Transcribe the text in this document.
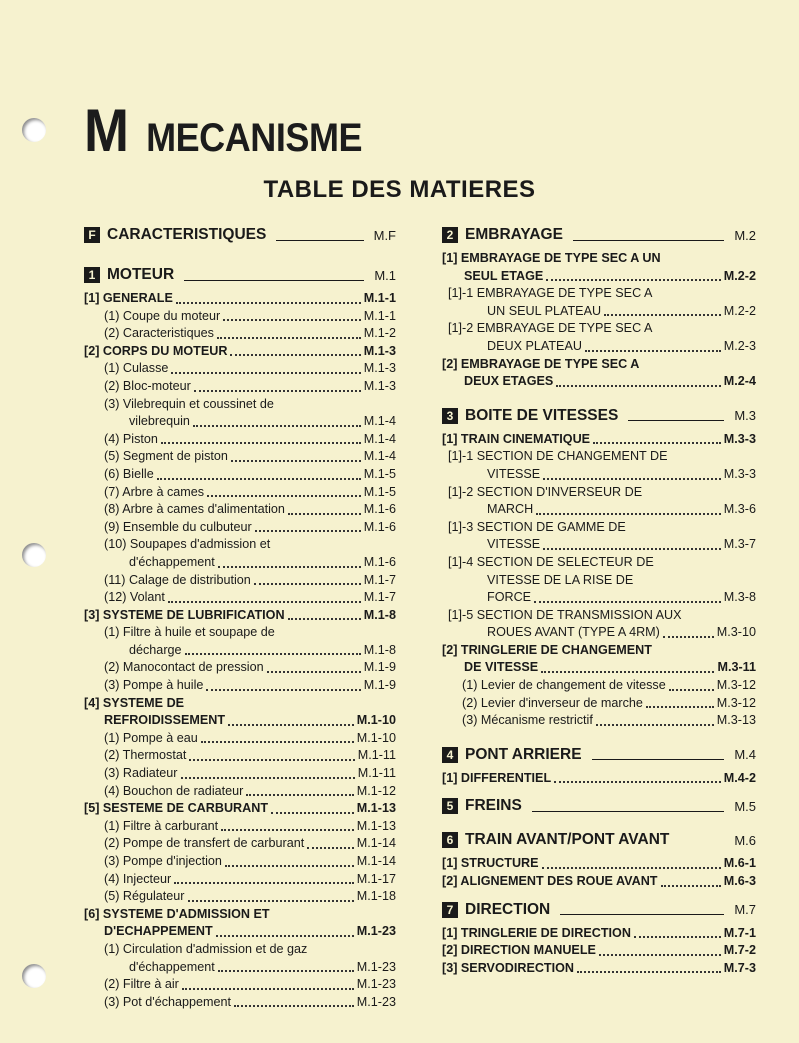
M MECANISME
TABLE DES MATIERES
F CARACTERISTIQUES	M.F
1 MOTEUR	M.1
[1] GENERALE	M.1-1
(1) Coupe du moteur	M.1-1
(2) Caracteristiques	M.1-2
[2] CORPS DU MOTEUR	M.1-3
(1) Culasse	M.1-3
(2) Bloc-moteur	M.1-3
(3) Vilebrequin et coussinet de
vilebrequin	M.1-4
(4) Piston	M.1-4
(5) Segment de piston	M.1-4
(6) Bielle	M.1-5
(7) Arbre à cames	M.1-5
(8) Arbre à cames d'alimentation	M.1-6
(9) Ensemble du culbuteur	M.1-6
(10) Soupapes d'admission et
d'échappement	M.1-6
(11) Calage de distribution	M.1-7
(12) Volant	M.1-7
[3] SYSTEME DE LUBRIFICATION	M.1-8
(1) Filtre à huile et soupape de
décharge	M.1-8
(2) Manocontact de pression	M.1-9
(3) Pompe à huile	M.1-9
[4] SYSTEME DE
REFROIDISSEMENT	M.1-10
(1) Pompe à eau	M.1-10
(2) Thermostat	M.1-11
(3) Radiateur	M.1-11
(4) Bouchon de radiateur	M.1-12
[5] SESTEME DE CARBURANT	M.1-13
(1) Filtre à carburant	M.1-13
(2) Pompe de transfert de carburant	M.1-14
(3) Pompe d'injection	M.1-14
(4) Injecteur	M.1-17
(5) Régulateur	M.1-18
[6] SYSTEME D'ADMISSION ET
D'ECHAPPEMENT	M.1-23
(1) Circulation d'admission et de gaz
d'échappement	M.1-23
(2) Filtre à air	M.1-23
(3) Pot d'échappement	M.1-23
2 EMBRAYAGE	M.2
[1] EMBRAYAGE DE TYPE SEC A UN
SEUL ETAGE	M.2-2
[1]-1 EMBRAYAGE DE TYPE SEC A
UN SEUL PLATEAU	M.2-2
[1]-2 EMBRAYAGE DE TYPE SEC A
DEUX PLATEAU	M.2-3
[2] EMBRAYAGE DE TYPE SEC A
DEUX ETAGES	M.2-4
3 BOITE DE VITESSES	M.3
[1] TRAIN CINEMATIQUE	M.3-3
[1]-1 SECTION DE CHANGEMENT DE
VITESSE	M.3-3
[1]-2 SECTION D'INVERSEUR DE
MARCH	M.3-6
[1]-3 SECTION DE GAMME DE
VITESSE	M.3-7
[1]-4 SECTION DE SELECTEUR DE
VITESSE DE LA RISE DE
FORCE	M.3-8
[1]-5 SECTION DE TRANSMISSION AUX
ROUES AVANT (TYPE A 4RM)	M.3-10
[2] TRINGLERIE DE CHANGEMENT
DE VITESSE	M.3-11
(1) Levier de changement de vitesse	M.3-12
(2) Levier d'inverseur de marche	M.3-12
(3) Mécanisme restrictif	M.3-13
4 PONT ARRIERE	M.4
[1] DIFFERENTIEL	M.4-2
5 FREINS	M.5
6 TRAIN AVANT/PONT AVANT	M.6
[1] STRUCTURE	M.6-1
[2] ALIGNEMENT DES ROUE AVANT	M.6-3
7 DIRECTION	M.7
[1] TRINGLERIE DE DIRECTION	M.7-1
[2] DIRECTION MANUELE	M.7-2
[3] SERVODIRECTION	M.7-3
